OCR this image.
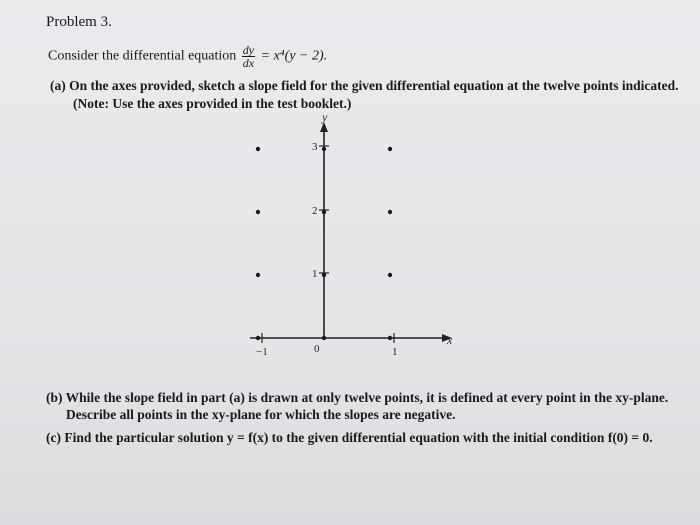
Problem 3.
Consider the differential equation $\frac{dy}{dx} = x^4(y - 2)$.
(a) On the axes provided, sketch a slope field for the given differential equation at the twelve points indicated.
(Note: Use the axes provided in the test booklet.)
y
x
−1	0	1
1
2
3
(b) While the slope field in part (a) is drawn at only twelve points, it is defined at every point in the xy-plane.
Describe all points in the xy-plane for which the slopes are negative.
(c) Find the particular solution y = f(x) to the given differential equation with the initial condition f(0) = 0.
